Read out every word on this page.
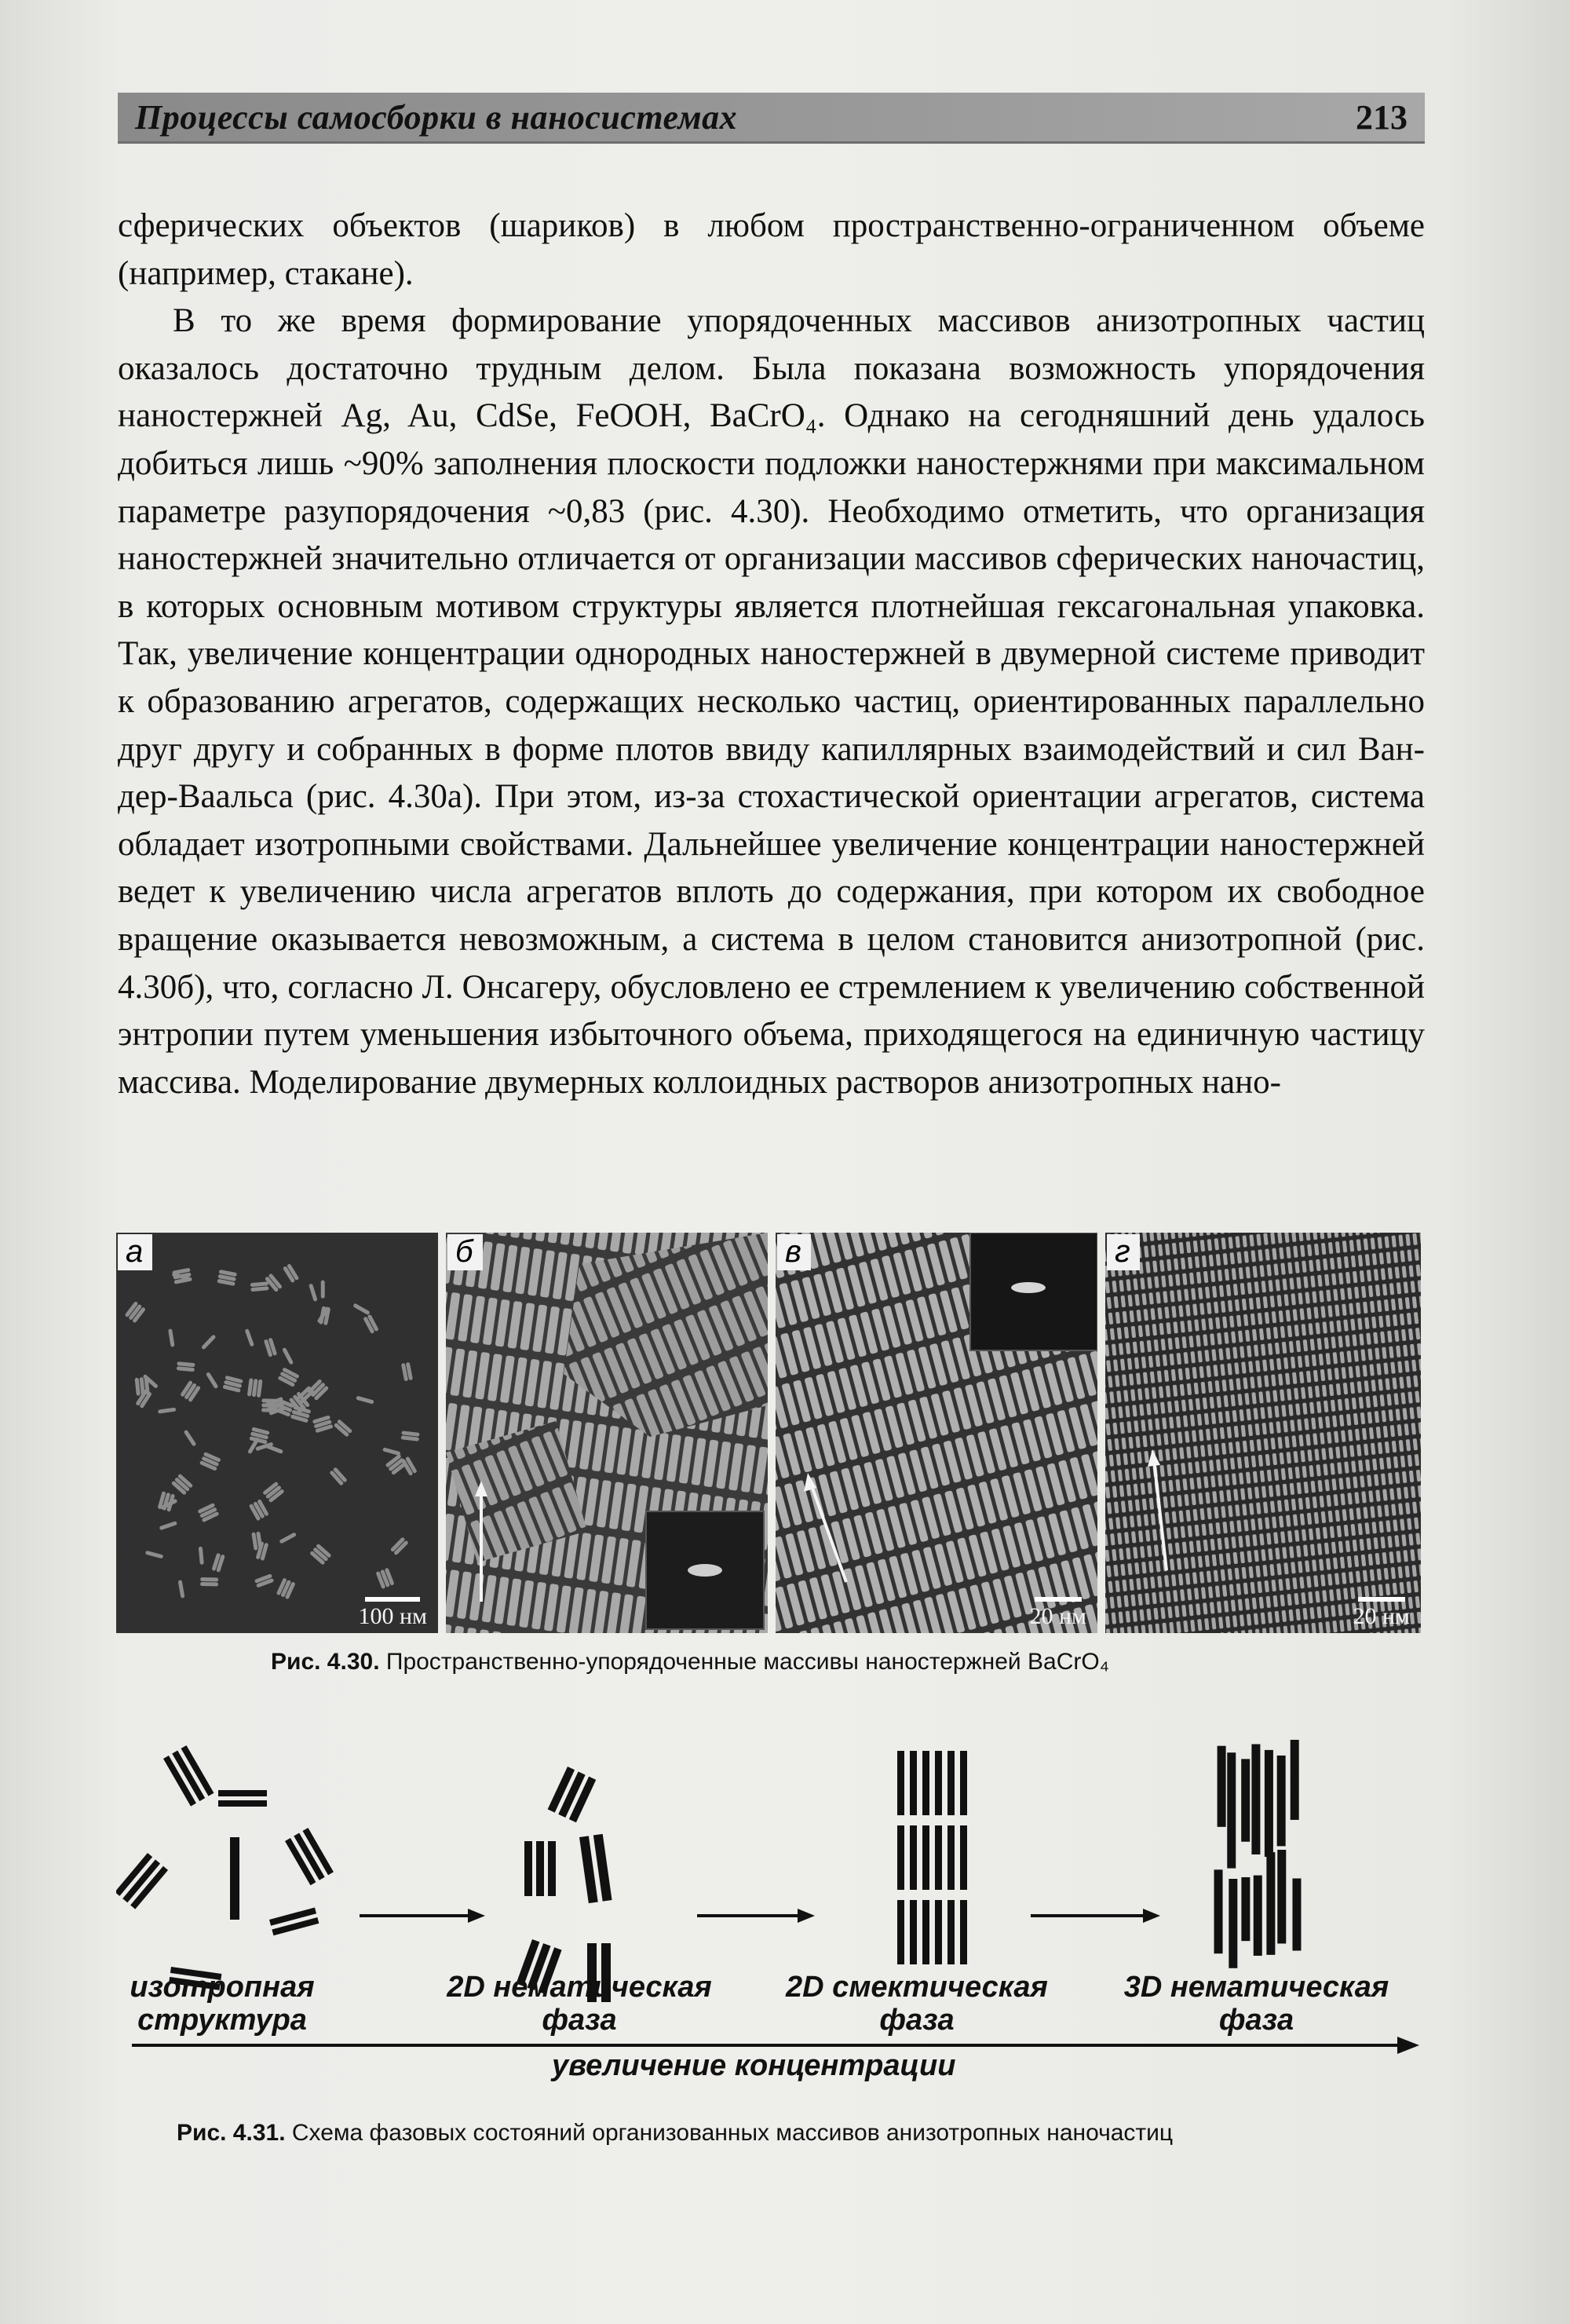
Процессы самосборки в наносистемах	213

сферических объектов (шариков) в любом пространственно-ограниченном объеме (например, стакане).

В то же время формирование упорядоченных массивов анизотропных частиц оказалось достаточно трудным делом. Была показана возможность упорядочения наностержней Ag, Au, CdSe, FeOOH, BaCrO₄. Однако на сегодняшний день удалось добиться лишь ~90% заполнения плоскости подложки наностержнями при максимальном параметре разупорядочения ~0,83 (рис. 4.30). Необходимо отметить, что организация наностержней значительно отличается от организации массивов сферических наночастиц, в которых основным мотивом структуры является плотнейшая гексагональная упаковка. Так, увеличение концентрации однородных наностержней в двумерной системе приводит к образованию агрегатов, содержащих несколько частиц, ориентированных параллельно друг другу и собранных в форме плотов ввиду капиллярных взаимодействий и сил Ван-дер-Ваальса (рис. 4.30а). При этом, из-за стохастической ориентации агрегатов, система обладает изотропными свойствами. Дальнейшее увеличение концентрации наностержней ведет к увеличению числа агрегатов вплоть до содержания, при котором их свободное вращение оказывается невозможным, а система в целом становится анизотропной (рис. 4.30б), что, согласно Л. Онсагеру, обусловлено ее стремлением к увеличению собственной энтропии путем уменьшения избыточного объема, приходящегося на единичную частицу массива. Моделирование двумерных коллоидных растворов анизотропных нано-

а
100 нм
б	в
20 нм
г
20 нм
Рис. 4.30. Пространственно-упорядоченные массивы наностержней BaCrO₄
изотропная
структура
2D нематическая
фаза
2D смектическая
фаза
3D нематическая
фаза
увеличение концентрации
Рис. 4.31. Схема фазовых состояний организованных массивов анизотропных наночастиц
